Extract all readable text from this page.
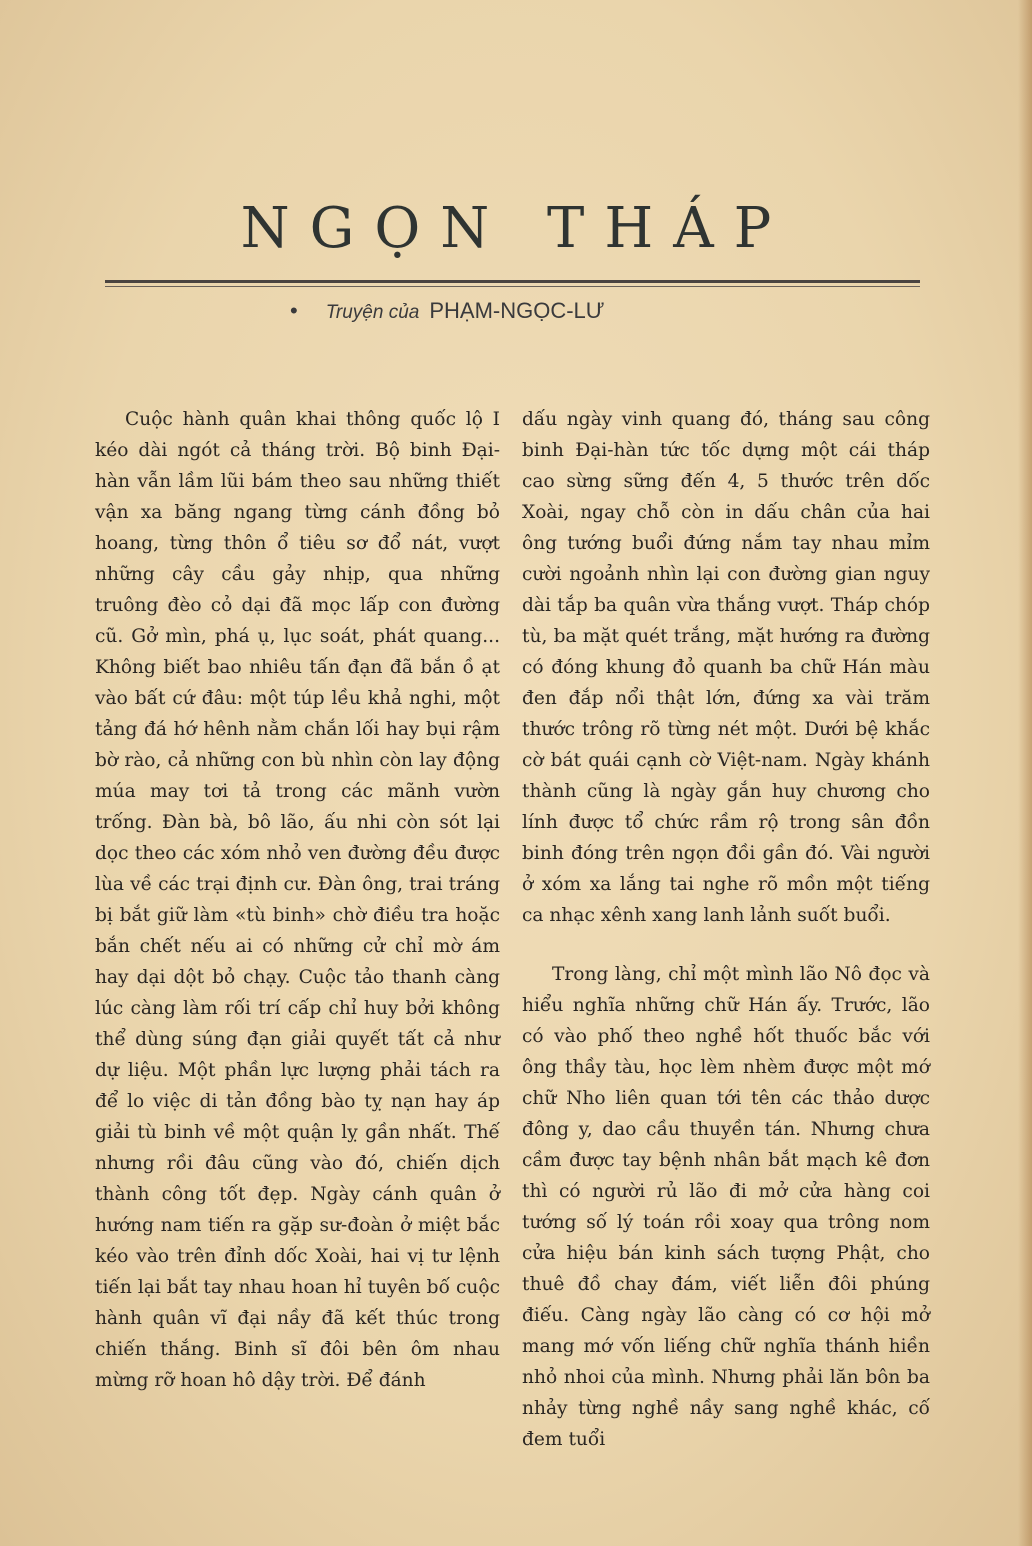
NGỌN THÁP
• Truyện của PHẠM-NGỌC-LƯ

Cuộc hành quân khai thông quốc lộ I kéo dài ngót cả tháng trời. Bộ binh Đại-hàn vẫn lầm lũi bám theo sau những thiết vận xa băng ngang từng cánh đồng bỏ hoang, từng thôn ổ tiêu sơ đổ nát, vượt những cây cầu gảy nhịp, qua những truông đèo cỏ dại đã mọc lấp con đường cũ. Gở mìn, phá ụ, lục soát, phát quang... Không biết bao nhiêu tấn đạn đã bắn ồ ạt vào bất cứ đâu: một túp lều khả nghi, một tảng đá hớ hênh nằm chắn lối hay bụi rậm bờ rào, cả những con bù nhìn còn lay động múa may tơi tả trong các mãnh vườn trống. Đàn bà, bô lão, ấu nhi còn sót lại dọc theo các xóm nhỏ ven đường đều được lùa về các trại định cư. Đàn ông, trai tráng bị bắt giữ làm «tù binh» chờ điều tra hoặc bắn chết nếu ai có những cử chỉ mờ ám hay dại dột bỏ chạy. Cuộc tảo thanh càng lúc càng làm rối trí cấp chỉ huy bởi không thể dùng súng đạn giải quyết tất cả như dự liệu. Một phần lực lượng phải tách ra để lo việc di tản đồng bào tỵ nạn hay áp giải tù binh về một quận lỵ gần nhất. Thế nhưng rồi đâu cũng vào đó, chiến dịch thành công tốt đẹp. Ngày cánh quân ở hướng nam tiến ra gặp sư-đoàn ở miệt bắc kéo vào trên đỉnh dốc Xoài, hai vị tư lệnh tiến lại bắt tay nhau hoan hỉ tuyên bố cuộc hành quân vĩ đại nầy đã kết thúc trong chiến thắng. Binh sĩ đôi bên ôm nhau mừng rỡ hoan hô dậy trời. Để đánh

dấu ngày vinh quang đó, tháng sau công binh Đại-hàn tức tốc dựng một cái tháp cao sừng sững đến 4, 5 thước trên dốc Xoài, ngay chỗ còn in dấu chân của hai ông tướng buổi đứng nắm tay nhau mỉm cười ngoảnh nhìn lại con đường gian nguy dài tắp ba quân vừa thắng vượt. Tháp chóp tù, ba mặt quét trắng, mặt hướng ra đường có đóng khung đỏ quanh ba chữ Hán màu đen đắp nổi thật lớn, đứng xa vài trăm thước trông rõ từng nét một. Dưới bệ khắc cờ bát quái cạnh cờ Việt-nam. Ngày khánh thành cũng là ngày gắn huy chương cho lính được tổ chức rầm rộ trong sân đồn binh đóng trên ngọn đồi gần đó. Vài người ở xóm xa lắng tai nghe rõ mồn một tiếng ca nhạc xênh xang lanh lảnh suốt buổi.

Trong làng, chỉ một mình lão Nô đọc và hiểu nghĩa những chữ Hán ấy. Trước, lão có vào phố theo nghề hốt thuốc bắc với ông thầy tàu, học lèm nhèm được một mớ chữ Nho liên quan tới tên các thảo dược đông y, dao cầu thuyền tán. Nhưng chưa cầm được tay bệnh nhân bắt mạch kê đơn thì có người rủ lão đi mở cửa hàng coi tướng số lý toán rồi xoay qua trông nom cửa hiệu bán kinh sách tượng Phật, cho thuê đồ chay đám, viết liễn đôi phúng điếu. Càng ngày lão càng có cơ hội mở mang mớ vốn liếng chữ nghĩa thánh hiền nhỏ nhoi của mình. Nhưng phải lăn bôn ba nhảy từng nghề nầy sang nghề khác, cố đem tuổi
